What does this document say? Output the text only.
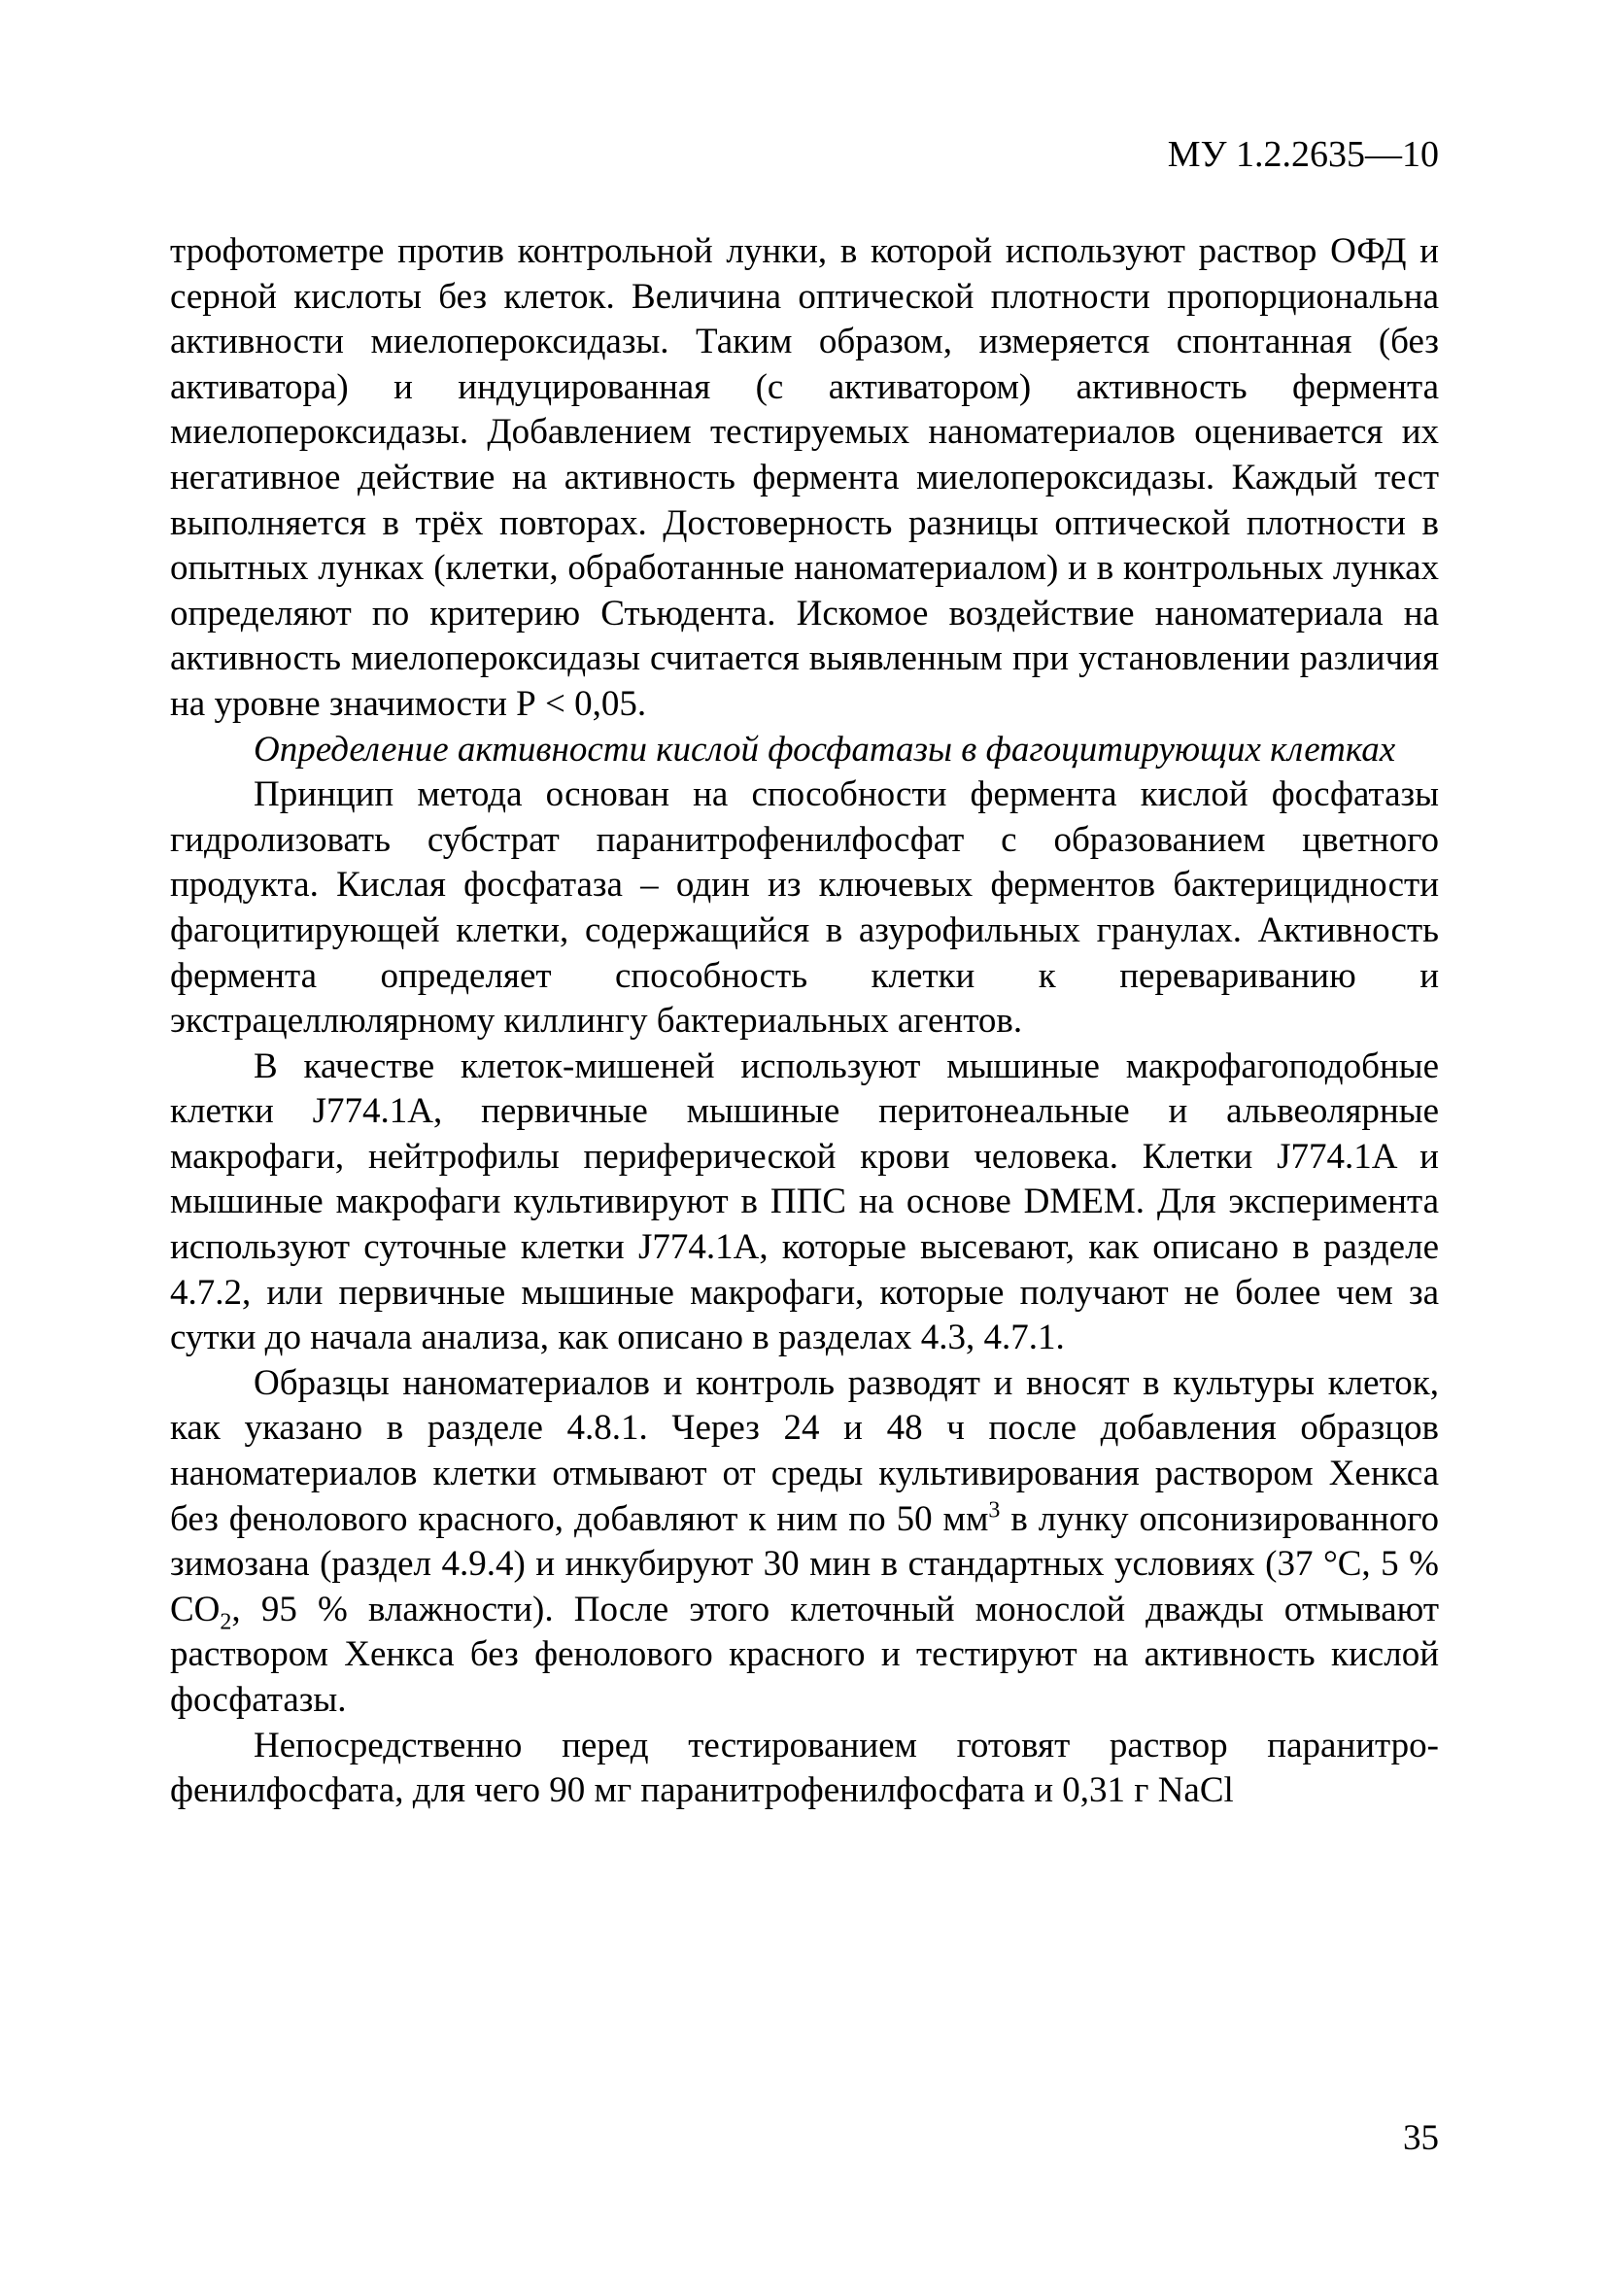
МУ 1.2.2635—10

трофотометре против контрольной лунки, в которой используют раствор ОФД и серной кислоты без клеток. Величина оптической плотности пропорциональна активности миелопероксидазы. Таким образом, измеряется спонтанная (без активатора) и индуцированная (с активатором) активность фермента миелопероксидазы. Добавлением тестируемых наноматериалов оценивается их негативное действие на активность фермента миелопероксидазы. Каждый тест выполняется в трёх повторах. Достоверность разницы оптической плотности в опытных лунках (клетки, обработанные наноматериалом) и в контрольных лунках определяют по критерию Стьюдента. Искомое воздействие наноматериала на активность миелопероксидазы считается выявленным при установлении различия на уровне значимости Р < 0,05.

Определение активности кислой фосфатазы в фагоцитирующих клетках

Принцип метода основан на способности фермента кислой фосфатазы гидролизовать субстрат паранитрофенилфосфат с образованием цветного продукта. Кислая фосфатаза – один из ключевых ферментов бактерицидности фагоцитирующей клетки, содержащийся в азурофильных гранулах. Активность фермента определяет способность клетки к перевариванию и экстрацеллюлярному киллингу бактериальных агентов.

В качестве клеток-мишеней используют мышиные макрофагоподобные клетки J774.1A, первичные мышиные перитонеальные и альвеолярные макрофаги, нейтрофилы периферической крови человека. Клетки J774.1A и мышиные макрофаги культивируют в ППС на основе DMEM. Для эксперимента используют суточные клетки J774.1A, которые высевают, как описано в разделе 4.7.2, или первичные мышиные макрофаги, которые получают не более чем за сутки до начала анализа, как описано в разделах 4.3, 4.7.1.

Образцы наноматериалов и контроль разводят и вносят в культуры клеток, как указано в разделе 4.8.1. Через 24 и 48 ч после добавления образцов наноматериалов клетки отмывают от среды культивирования раствором Хенкса без фенолового красного, добавляют к ним по 50 $мм^3$ в лунку опсонизированного зимозана (раздел 4.9.4) и инкубируют 30 мин в стандартных условиях (37 °C, 5 % $CO_2$, 95 % влажности). После этого клеточный монослой дважды отмывают раствором Хенкса без фенолового красного и тестируют на активность кислой фосфатазы.

Непосредственно перед тестированием готовят раствор паранитрофенилфосфата, для чего 90 мг паранитрофенилфосфата и 0,31 г NaCl

35
